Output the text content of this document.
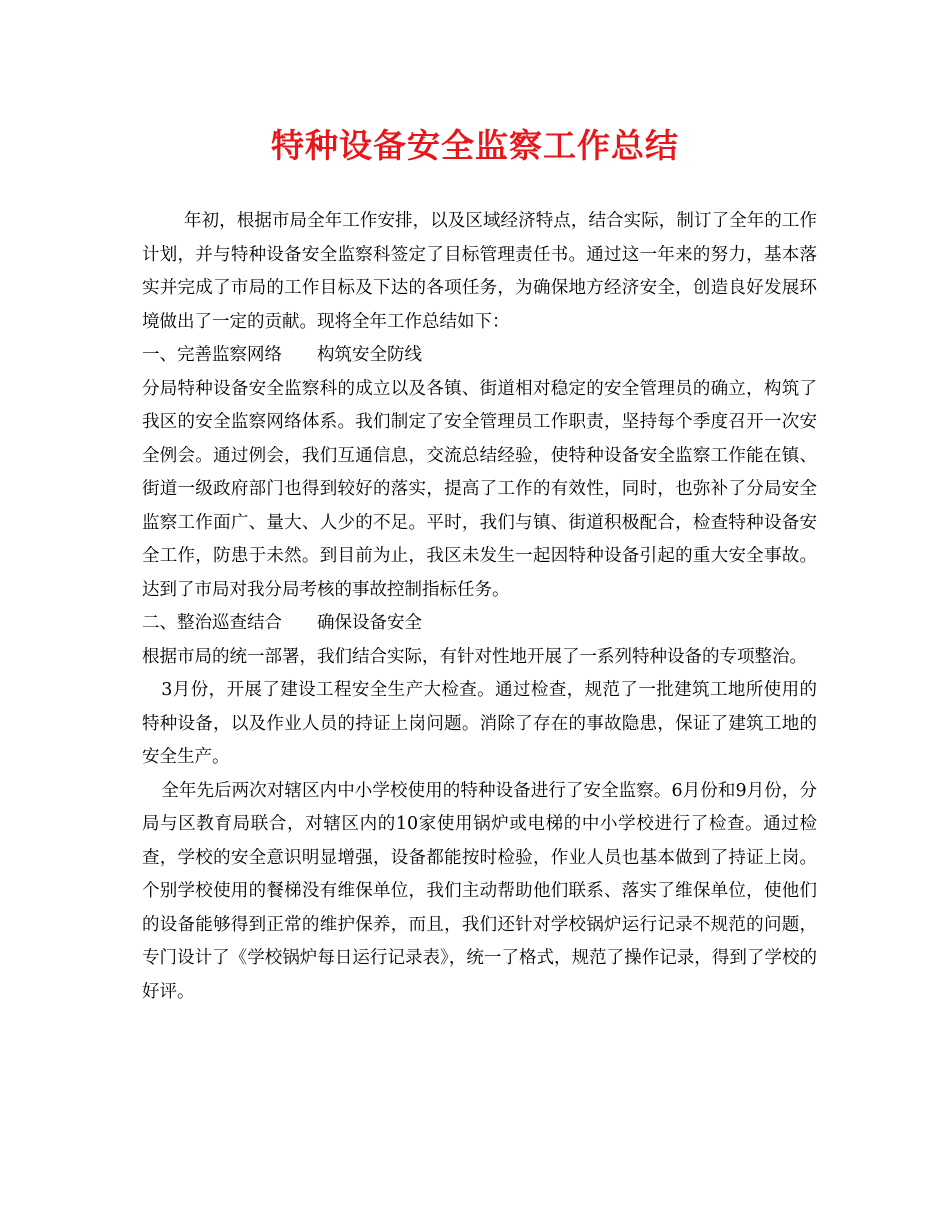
特种设备安全监察工作总结

年初，根据市局全年工作安排，以及区域经济特点，结合实际，制订了全年的工作计划，并与特种设备安全监察科签定了目标管理责任书。通过这一年来的努力，基本落实并完成了市局的工作目标及下达的各项任务，为确保地方经济安全，创造良好发展环境做出了一定的贡献。现将全年工作总结如下：

一、完善监察网络　　构筑安全防线

分局特种设备安全监察科的成立以及各镇、街道相对稳定的安全管理员的确立，构筑了我区的安全监察网络体系。我们制定了安全管理员工作职责，坚持每个季度召开一次安全例会。通过例会，我们互通信息，交流总结经验，使特种设备安全监察工作能在镇、街道一级政府部门也得到较好的落实，提高了工作的有效性，同时，也弥补了分局安全监察工作面广、量大、人少的不足。平时，我们与镇、街道积极配合，检查特种设备安全工作，防患于未然。到目前为止，我区未发生一起因特种设备引起的重大安全事故。达到了市局对我分局考核的事故控制指标任务。

二、整治巡查结合　　确保设备安全

根据市局的统一部署，我们结合实际，有针对性地开展了一系列特种设备的专项整治。

3月份，开展了建设工程安全生产大检查。通过检查，规范了一批建筑工地所使用的特种设备，以及作业人员的持证上岗问题。消除了存在的事故隐患，保证了建筑工地的安全生产。

全年先后两次对辖区内中小学校使用的特种设备进行了安全监察。6月份和9月份，分局与区教育局联合，对辖区内的10家使用锅炉或电梯的中小学校进行了检查。通过检查，学校的安全意识明显增强，设备都能按时检验，作业人员也基本做到了持证上岗。个别学校使用的餐梯没有维保单位，我们主动帮助他们联系、落实了维保单位，使他们的设备能够得到正常的维护保养，而且，我们还针对学校锅炉运行记录不规范的问题，专门设计了《学校锅炉每日运行记录表》，统一了格式，规范了操作记录，得到了学校的好评。
